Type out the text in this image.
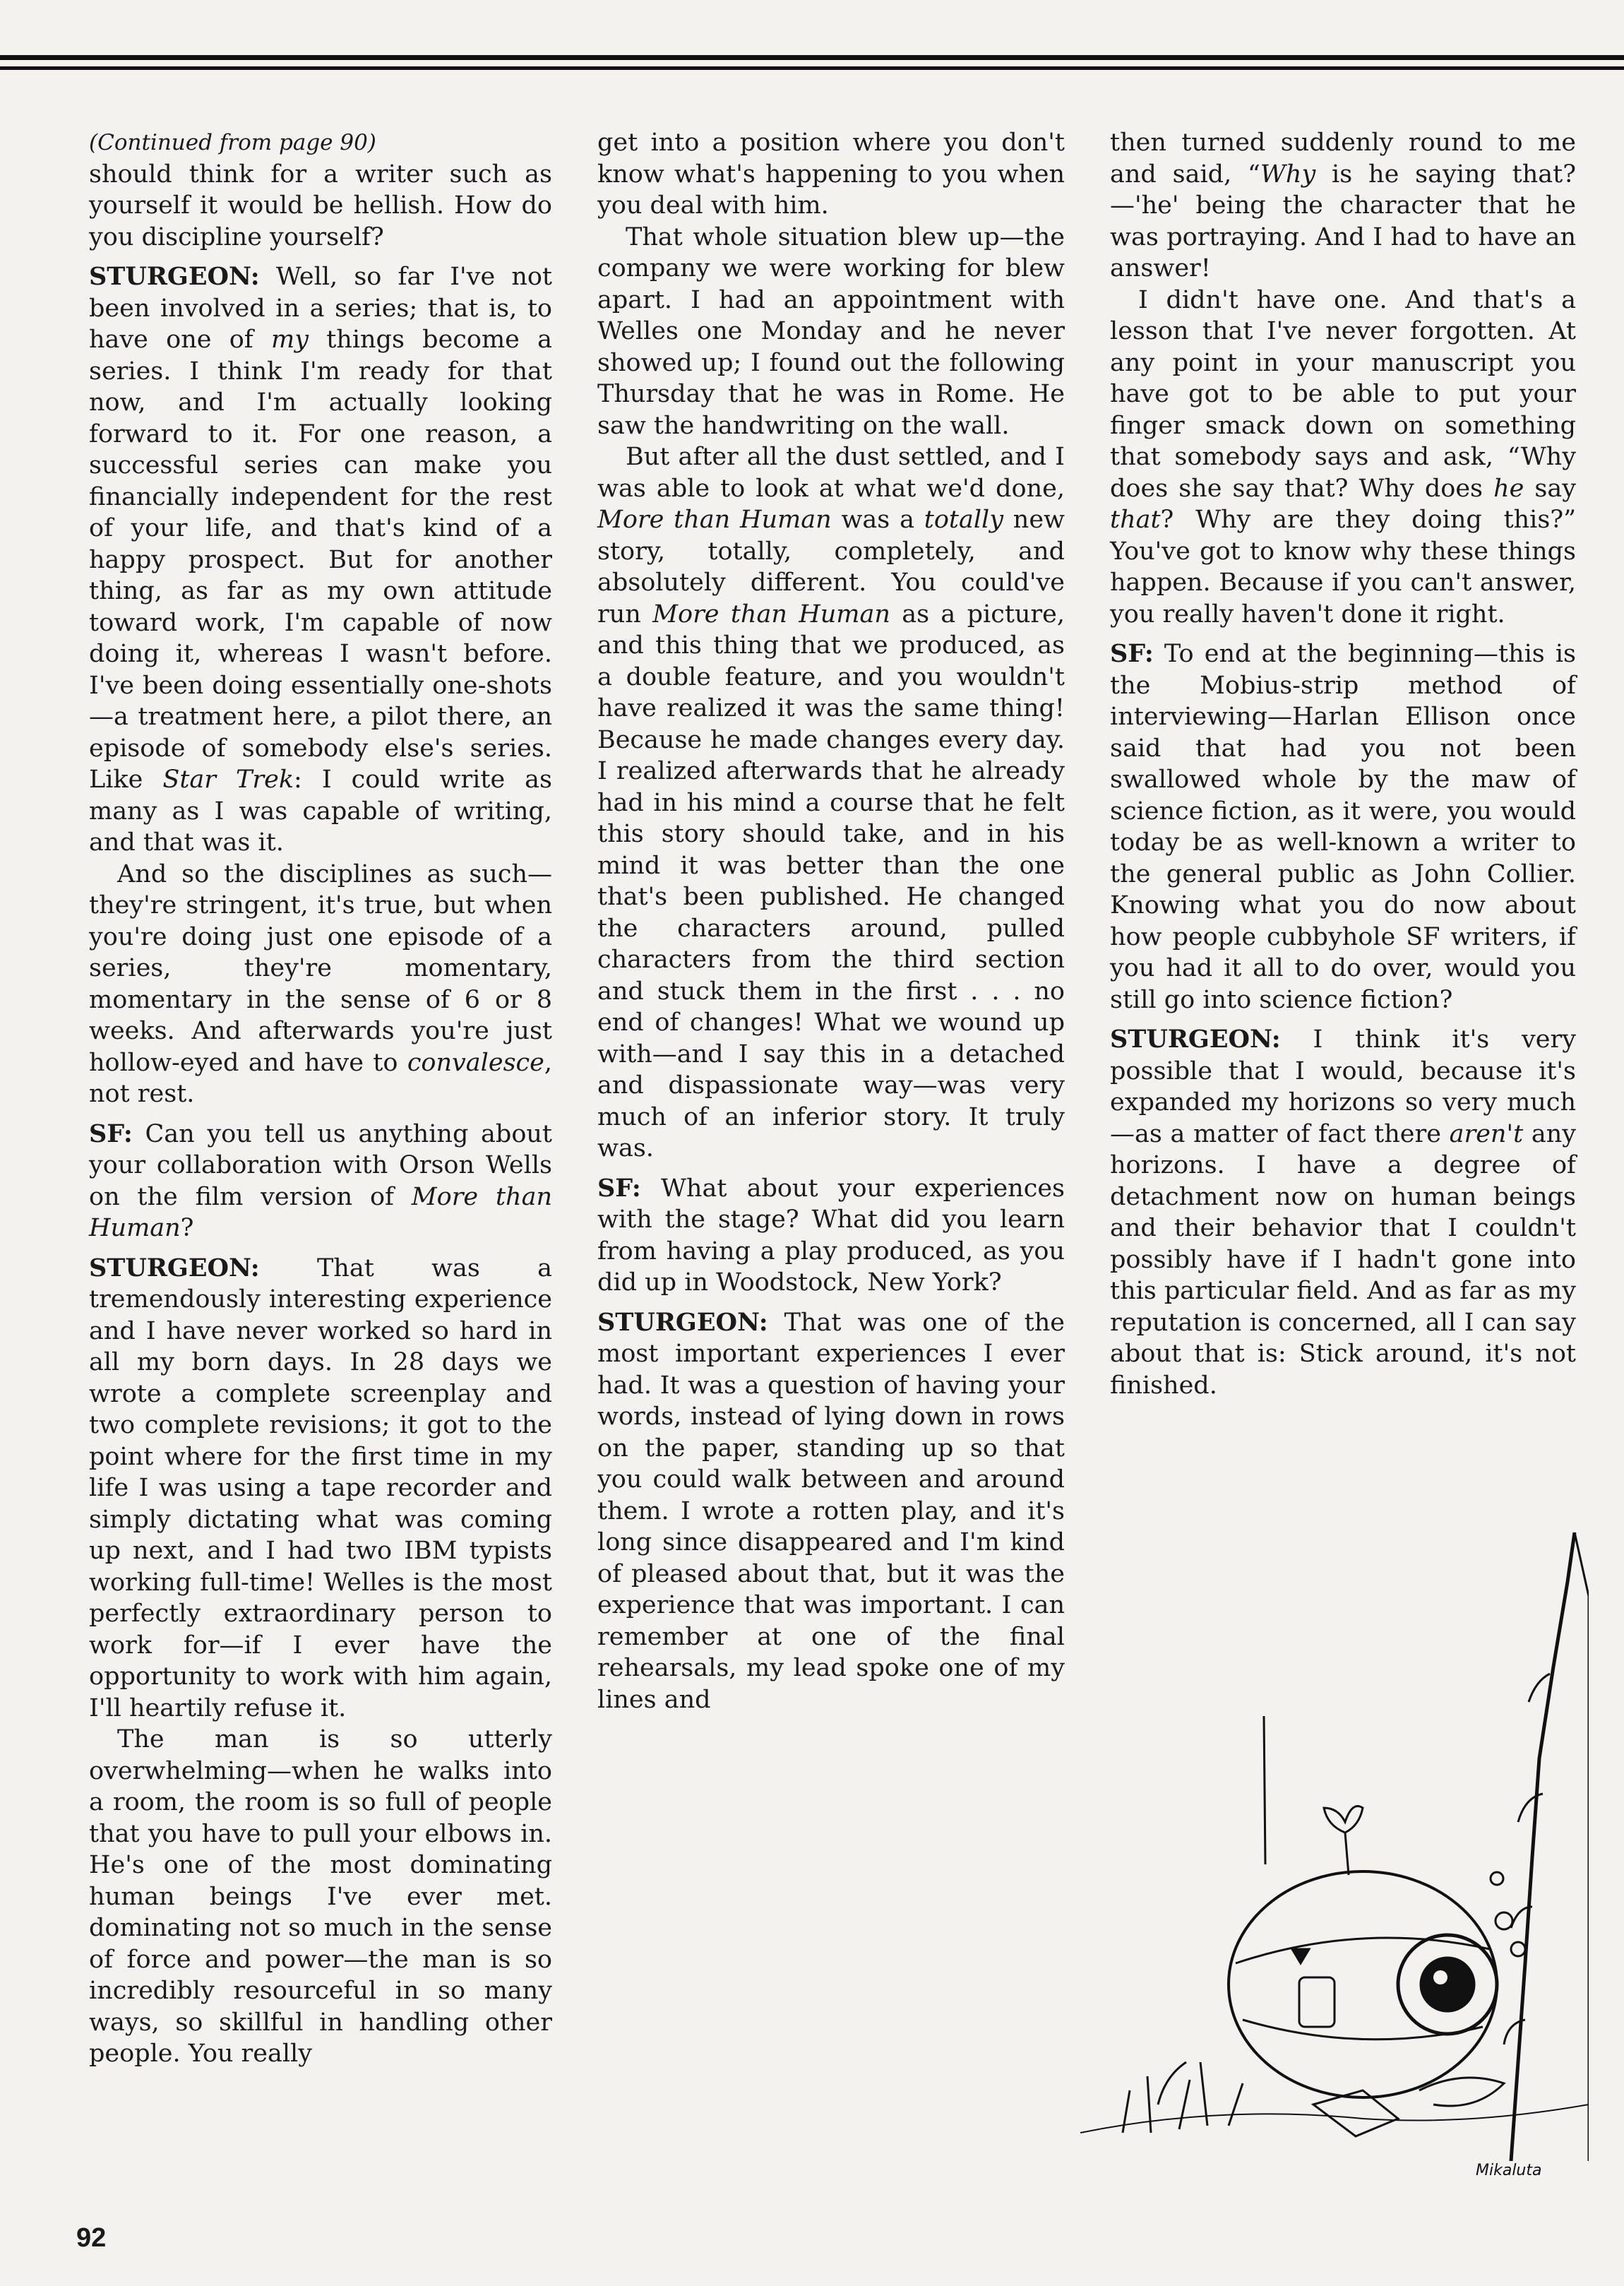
(Continued from page 90)

should think for a writer such as yourself it would be hellish. How do you discipline yourself?

STURGEON: Well, so far I've not been involved in a series; that is, to have one of my things become a series. I think I'm ready for that now, and I'm actually looking forward to it. For one reason, a successful series can make you financially independent for the rest of your life, and that's kind of a happy prospect. But for another thing, as far as my own attitude toward work, I'm capable of now doing it, whereas I wasn't before. I've been doing essentially one-shots—a treatment here, a pilot there, an episode of somebody else's series. Like Star Trek: I could write as many as I was capable of writing, and that was it.

And so the disciplines as such—they're stringent, it's true, but when you're doing just one episode of a series, they're momentary, momentary in the sense of 6 or 8 weeks. And afterwards you're just hollow-eyed and have to convalesce, not rest.

SF: Can you tell us anything about your collaboration with Orson Wells on the film version of More than Human?

STURGEON: That was a tremendously interesting experience and I have never worked so hard in all my born days. In 28 days we wrote a complete screenplay and two complete revisions; it got to the point where for the first time in my life I was using a tape recorder and simply dictating what was coming up next, and I had two IBM typists working full-time! Welles is the most perfectly extraordinary person to work for—if I ever have the opportunity to work with him again, I'll heartily refuse it.

The man is so utterly overwhelming—when he walks into a room, the room is so full of people that you have to pull your elbows in. He's one of the most dominating human beings I've ever met. dominating not so much in the sense of force and power—the man is so incredibly resourceful in so many ways, so skillful in handling other people. You really

get into a position where you don't know what's happening to you when you deal with him.

That whole situation blew up—the company we were working for blew apart. I had an appointment with Welles one Monday and he never showed up; I found out the following Thursday that he was in Rome. He saw the handwriting on the wall.

But after all the dust settled, and I was able to look at what we'd done, More than Human was a totally new story, totally, completely, and absolutely different. You could've run More than Human as a picture, and this thing that we produced, as a double feature, and you wouldn't have realized it was the same thing! Because he made changes every day. I realized afterwards that he already had in his mind a course that he felt this story should take, and in his mind it was better than the one that's been published. He changed the characters around, pulled characters from the third section and stuck them in the first . . . no end of changes! What we wound up with—and I say this in a detached and dispassionate way—was very much of an inferior story. It truly was.

SF: What about your experiences with the stage? What did you learn from having a play produced, as you did up in Woodstock, New York?

STURGEON: That was one of the most important experiences I ever had. It was a question of having your words, instead of lying down in rows on the paper, standing up so that you could walk between and around them. I wrote a rotten play, and it's long since disappeared and I'm kind of pleased about that, but it was the experience that was important. I can remember at one of the final rehearsals, my lead spoke one of my lines and

then turned suddenly round to me and said, “Why is he saying that?—'he' being the character that he was portraying. And I had to have an answer!

I didn't have one. And that's a lesson that I've never forgotten. At any point in your manuscript you have got to be able to put your finger smack down on something that somebody says and ask, “Why does she say that? Why does he say that? Why are they doing this?” You've got to know why these things happen. Because if you can't answer, you really haven't done it right.

SF: To end at the beginning—this is the Mobius-strip method of interviewing—Harlan Ellison once said that had you not been swallowed whole by the maw of science fiction, as it were, you would today be as well-known a writer to the general public as John Collier. Knowing what you do now about how people cubbyhole SF writers, if you had it all to do over, would you still go into science fiction?

STURGEON: I think it's very possible that I would, because it's expanded my horizons so very much—as a matter of fact there aren't any horizons. I have a degree of detachment now on human beings and their behavior that I couldn't possibly have if I hadn't gone into this particular field. And as far as my reputation is concerned, all I can say about that is: Stick around, it's not finished.

Mikaluta
92
